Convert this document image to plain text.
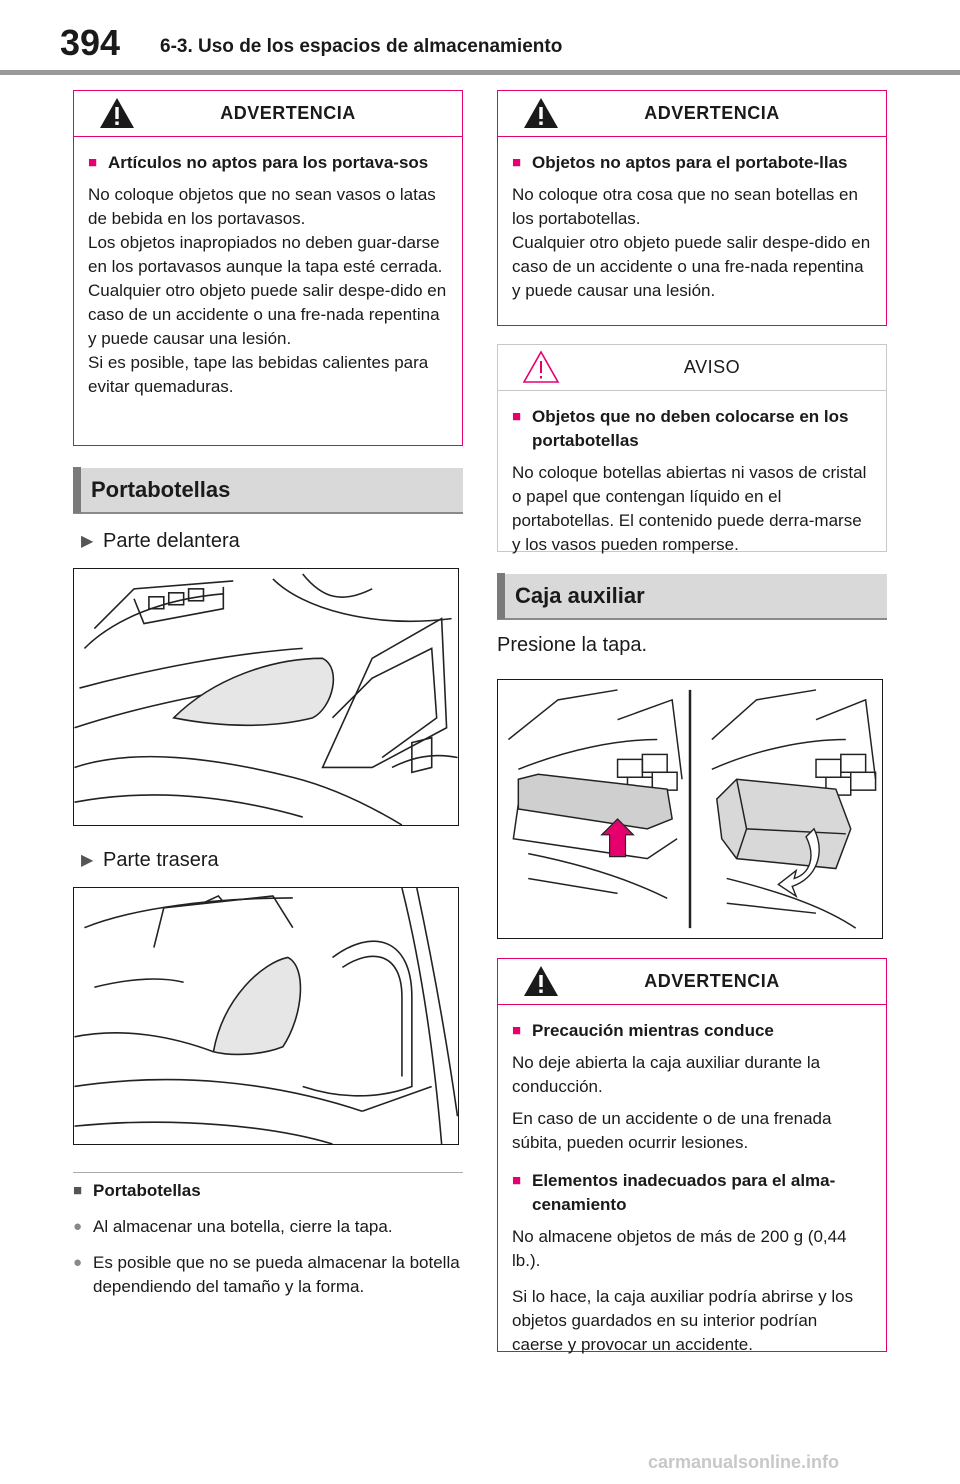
394 6-3. Uso de los espacios de almacenamiento
ADVERTENCIA
■ Artículos no aptos para los portava-sos
No coloque objetos que no sean vasos o latas de bebida en los portavasos.
Los objetos inapropiados no deben guar-darse en los portavasos aunque la tapa esté cerrada.
Cualquier otro objeto puede salir despe-dido en caso de un accidente o una fre-nada repentina y puede causar una lesión.
Si es posible, tape las bebidas calientes para evitar quemaduras.
Portabotellas
▶ Parte delantera
▶ Parte trasera
■ Portabotellas
● Al almacenar una botella, cierre la tapa.
● Es posible que no se pueda almacenar la botella dependiendo del tamaño y la forma.
ADVERTENCIA
■ Objetos no aptos para el portabote-llas
No coloque otra cosa que no sean botellas en los portabotellas.
Cualquier otro objeto puede salir despe-dido en caso de un accidente o una fre-nada repentina y puede causar una lesión.
AVISO
■ Objetos que no deben colocarse en los portabotellas
No coloque botellas abiertas ni vasos de cristal o papel que contengan líquido en el portabotellas. El contenido puede derra-marse y los vasos pueden romperse.
Caja auxiliar
Presione la tapa.
ADVERTENCIA
■ Precaución mientras conduce
No deje abierta la caja auxiliar durante la conducción.
En caso de un accidente o de una frenada súbita, pueden ocurrir lesiones.
■ Elementos inadecuados para el alma-cenamiento
No almacene objetos de más de 200 g (0,44 lb.).
Si lo hace, la caja auxiliar podría abrirse y los objetos guardados en su interior podrían caerse y provocar un accidente.
carmanualsonline.info
